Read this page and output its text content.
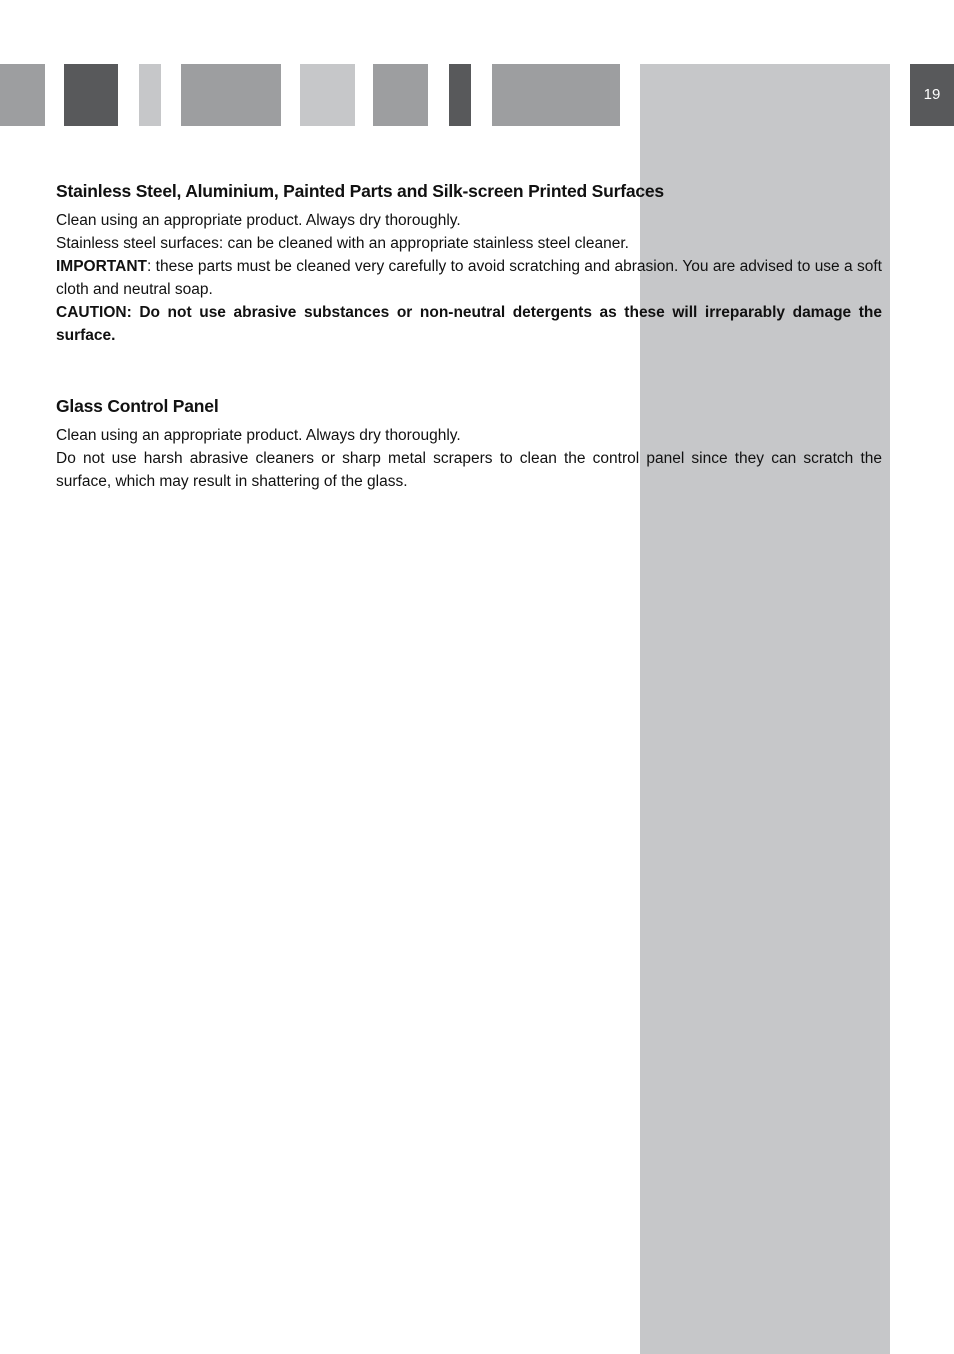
19
Stainless Steel, Aluminium, Painted Parts and Silk-screen Printed Surfaces

Clean using an appropriate product. Always dry thoroughly.

Stainless steel surfaces: can be cleaned with an appropriate stainless steel cleaner.

IMPORTANT: these parts must be cleaned very carefully to avoid scratching and abrasion. You are advised to use a soft cloth and neutral soap.

CAUTION: Do not use abrasive substances or non-neutral detergents as these will irreparably damage the surface.

Glass Control Panel

Clean using an appropriate product. Always dry thoroughly.

Do not use harsh abrasive cleaners or sharp metal scrapers to clean the control panel since they can scratch the surface, which may result in shattering of the glass.
